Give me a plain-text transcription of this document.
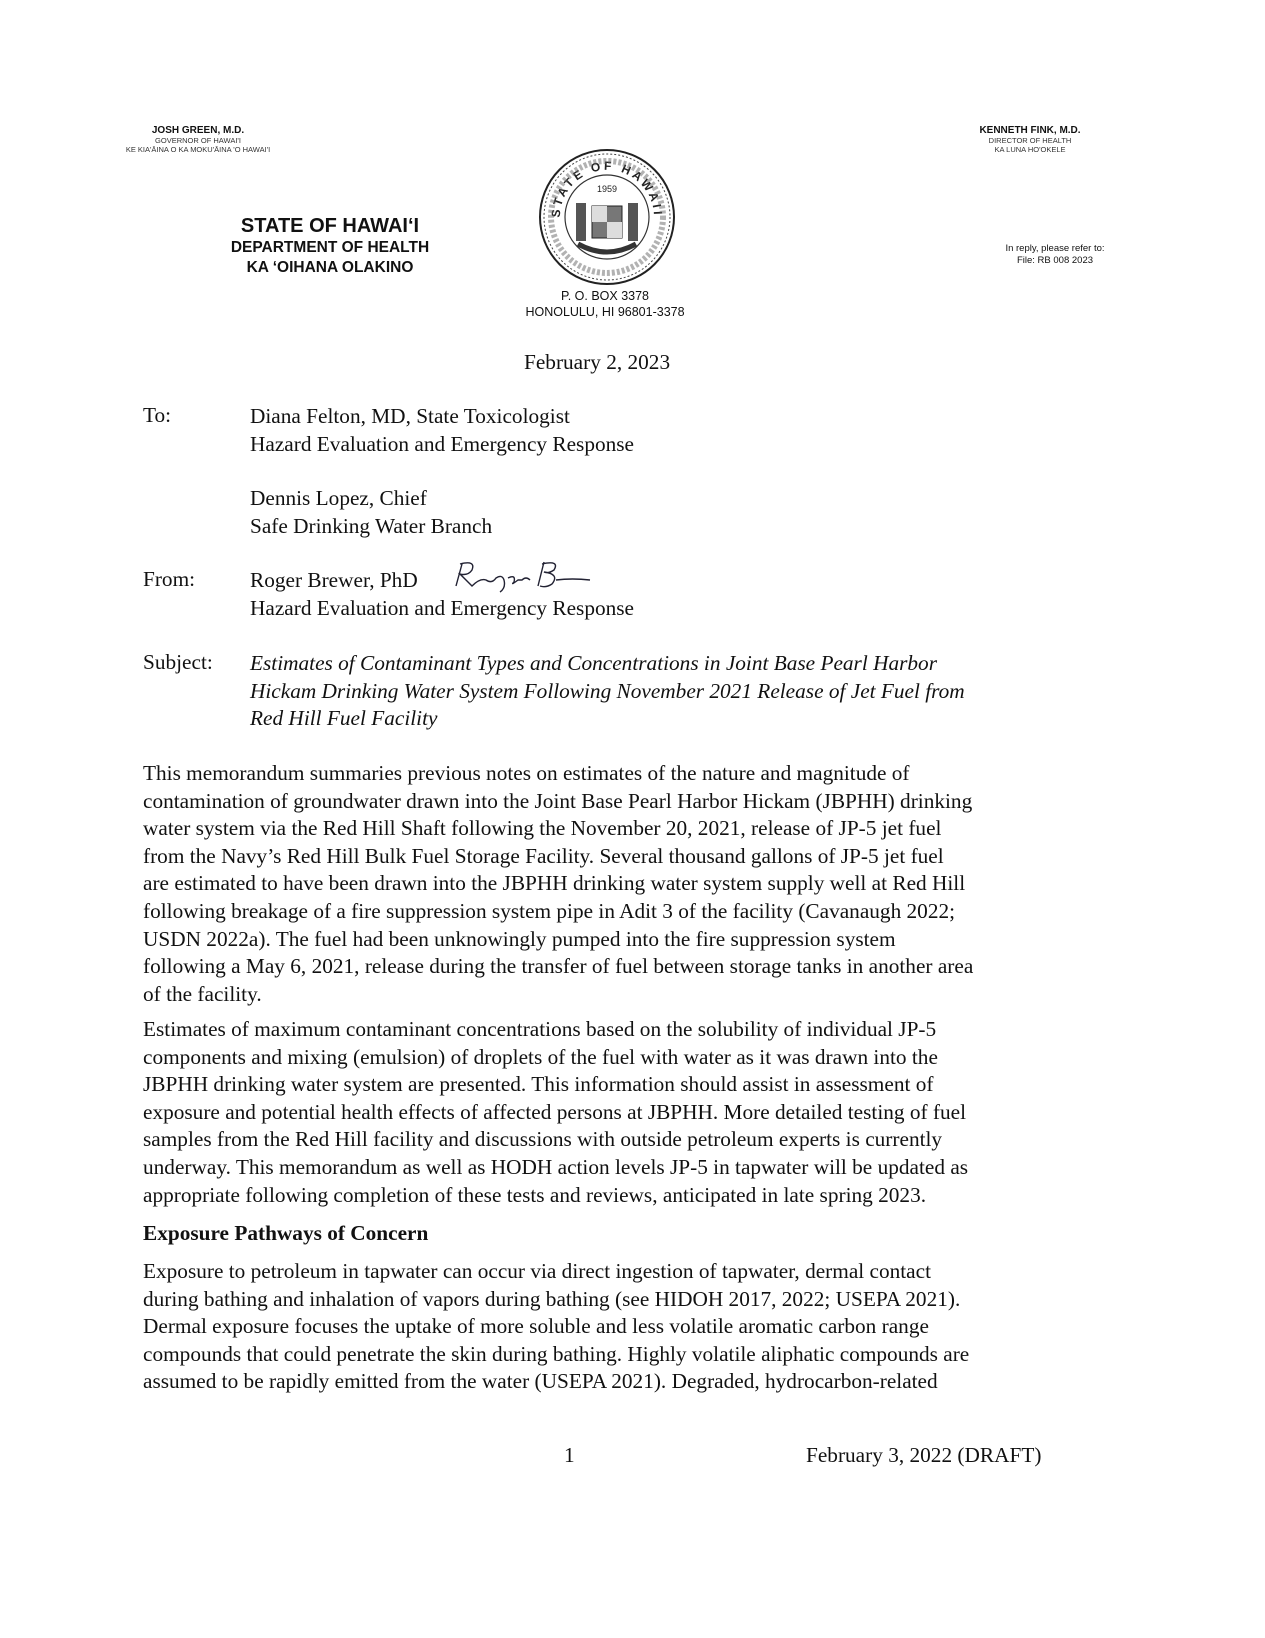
JOSH GREEN, M.D.
GOVERNOR OF HAWAI'I
KE KIA'ĀINA O KA MOKU'ĀINA 'O HAWAI'I
KENNETH FINK, M.D.
DIRECTOR OF HEALTH
KA LUNA HO'OKELE
STATE OF HAWAI‘I
DEPARTMENT OF HEALTH
KA ‘OIHANA OLAKINO
STATE OF HAWAII
1959
P. O. BOX 3378
HONOLULU, HI 96801-3378
In reply, please refer to:
File: RB 008 2023
February 2, 2023
To:	Diana Felton, MD, State Toxicologist
Hazard Evaluation and Emergency Response
Dennis Lopez, Chief
Safe Drinking Water Branch
From:	Roger Brewer, PhD
Hazard Evaluation and Emergency Response
Subject: Estimates of Contaminant Types and Concentrations in Joint Base Pearl Harbor
Hickam Drinking Water System Following November 2021 Release of Jet Fuel from
Red Hill Fuel Facility
This memorandum summaries previous notes on estimates of the nature and magnitude of
contamination of groundwater drawn into the Joint Base Pearl Harbor Hickam (JBPHH) drinking
water system via the Red Hill Shaft following the November 20, 2021, release of JP-5 jet fuel
from the Navy’s Red Hill Bulk Fuel Storage Facility. Several thousand gallons of JP-5 jet fuel
are estimated to have been drawn into the JBPHH drinking water system supply well at Red Hill
following breakage of a fire suppression system pipe in Adit 3 of the facility (Cavanaugh 2022;
USDN 2022a). The fuel had been unknowingly pumped into the fire suppression system
following a May 6, 2021, release during the transfer of fuel between storage tanks in another area
of the facility.
Estimates of maximum contaminant concentrations based on the solubility of individual JP-5
components and mixing (emulsion) of droplets of the fuel with water as it was drawn into the
JBPHH drinking water system are presented. This information should assist in assessment of
exposure and potential health effects of affected persons at JBPHH. More detailed testing of fuel
samples from the Red Hill facility and discussions with outside petroleum experts is currently
underway. This memorandum as well as HODH action levels JP-5 in tapwater will be updated as
appropriate following completion of these tests and reviews, anticipated in late spring 2023.
Exposure Pathways of Concern
Exposure to petroleum in tapwater can occur via direct ingestion of tapwater, dermal contact
during bathing and inhalation of vapors during bathing (see HIDOH 2017, 2022; USEPA 2021).
Dermal exposure focuses the uptake of more soluble and less volatile aromatic carbon range
compounds that could penetrate the skin during bathing. Highly volatile aliphatic compounds are
assumed to be rapidly emitted from the water (USEPA 2021). Degraded, hydrocarbon-related
1	February 3, 2022 (DRAFT)
